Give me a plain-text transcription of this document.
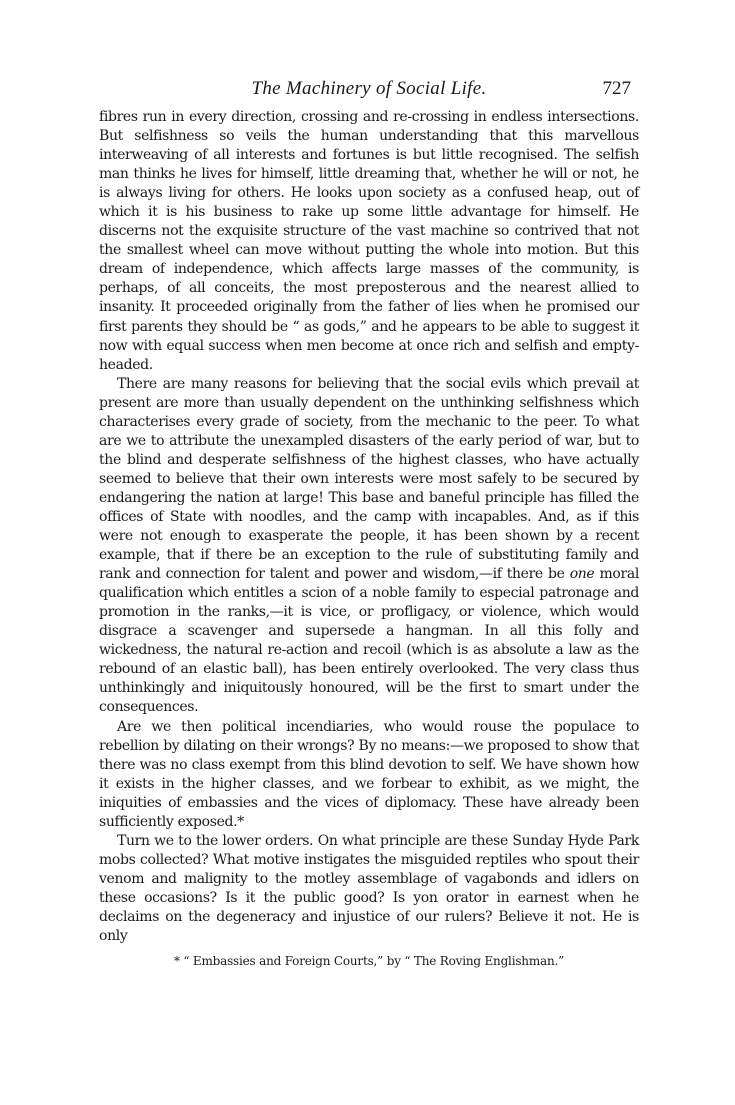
The Machinery of Social Life.	727

fibres run in every direction, crossing and re-crossing in endless intersections. But selfishness so veils the human understanding that this marvellous interweaving of all interests and fortunes is but little recognised. The selfish man thinks he lives for himself, little dreaming that, whether he will or not, he is always living for others. He looks upon society as a confused heap, out of which it is his business to rake up some little advantage for himself. He discerns not the exquisite structure of the vast machine so contrived that not the smallest wheel can move without putting the whole into motion. But this dream of independence, which affects large masses of the community, is perhaps, of all conceits, the most preposterous and the nearest allied to insanity. It proceeded originally from the father of lies when he promised our first parents they should be “ as gods,” and he appears to be able to suggest it now with equal success when men become at once rich and selfish and empty-headed.

There are many reasons for believing that the social evils which prevail at present are more than usually dependent on the unthinking selfishness which characterises every grade of society, from the mechanic to the peer. To what are we to attribute the unexampled disasters of the early period of war, but to the blind and desperate selfishness of the highest classes, who have actually seemed to believe that their own interests were most safely to be secured by endangering the nation at large! This base and baneful principle has filled the offices of State with noodles, and the camp with incapables. And, as if this were not enough to exasperate the people, it has been shown by a recent example, that if there be an exception to the rule of substituting family and rank and connection for talent and power and wisdom,—if there be one moral qualification which entitles a scion of a noble family to especial patronage and promotion in the ranks,—it is vice, or profligacy, or violence, which would disgrace a scavenger and supersede a hangman. In all this folly and wickedness, the natural re-action and recoil (which is as absolute a law as the rebound of an elastic ball), has been entirely overlooked. The very class thus unthinkingly and iniquitously honoured, will be the first to smart under the consequences.

Are we then political incendiaries, who would rouse the populace to rebellion by dilating on their wrongs? By no means:—we proposed to show that there was no class exempt from this blind devotion to self. We have shown how it exists in the higher classes, and we forbear to exhibit, as we might, the iniquities of embassies and the vices of diplomacy. These have already been sufficiently exposed.*

Turn we to the lower orders. On what principle are these Sunday Hyde Park mobs collected? What motive instigates the misguided reptiles who spout their venom and malignity to the motley assemblage of vagabonds and idlers on these occasions? Is it the public good? Is yon orator in earnest when he declaims on the degeneracy and injustice of our rulers? Believe it not. He is only

* “ Embassies and Foreign Courts,” by “ The Roving Englishman.”
